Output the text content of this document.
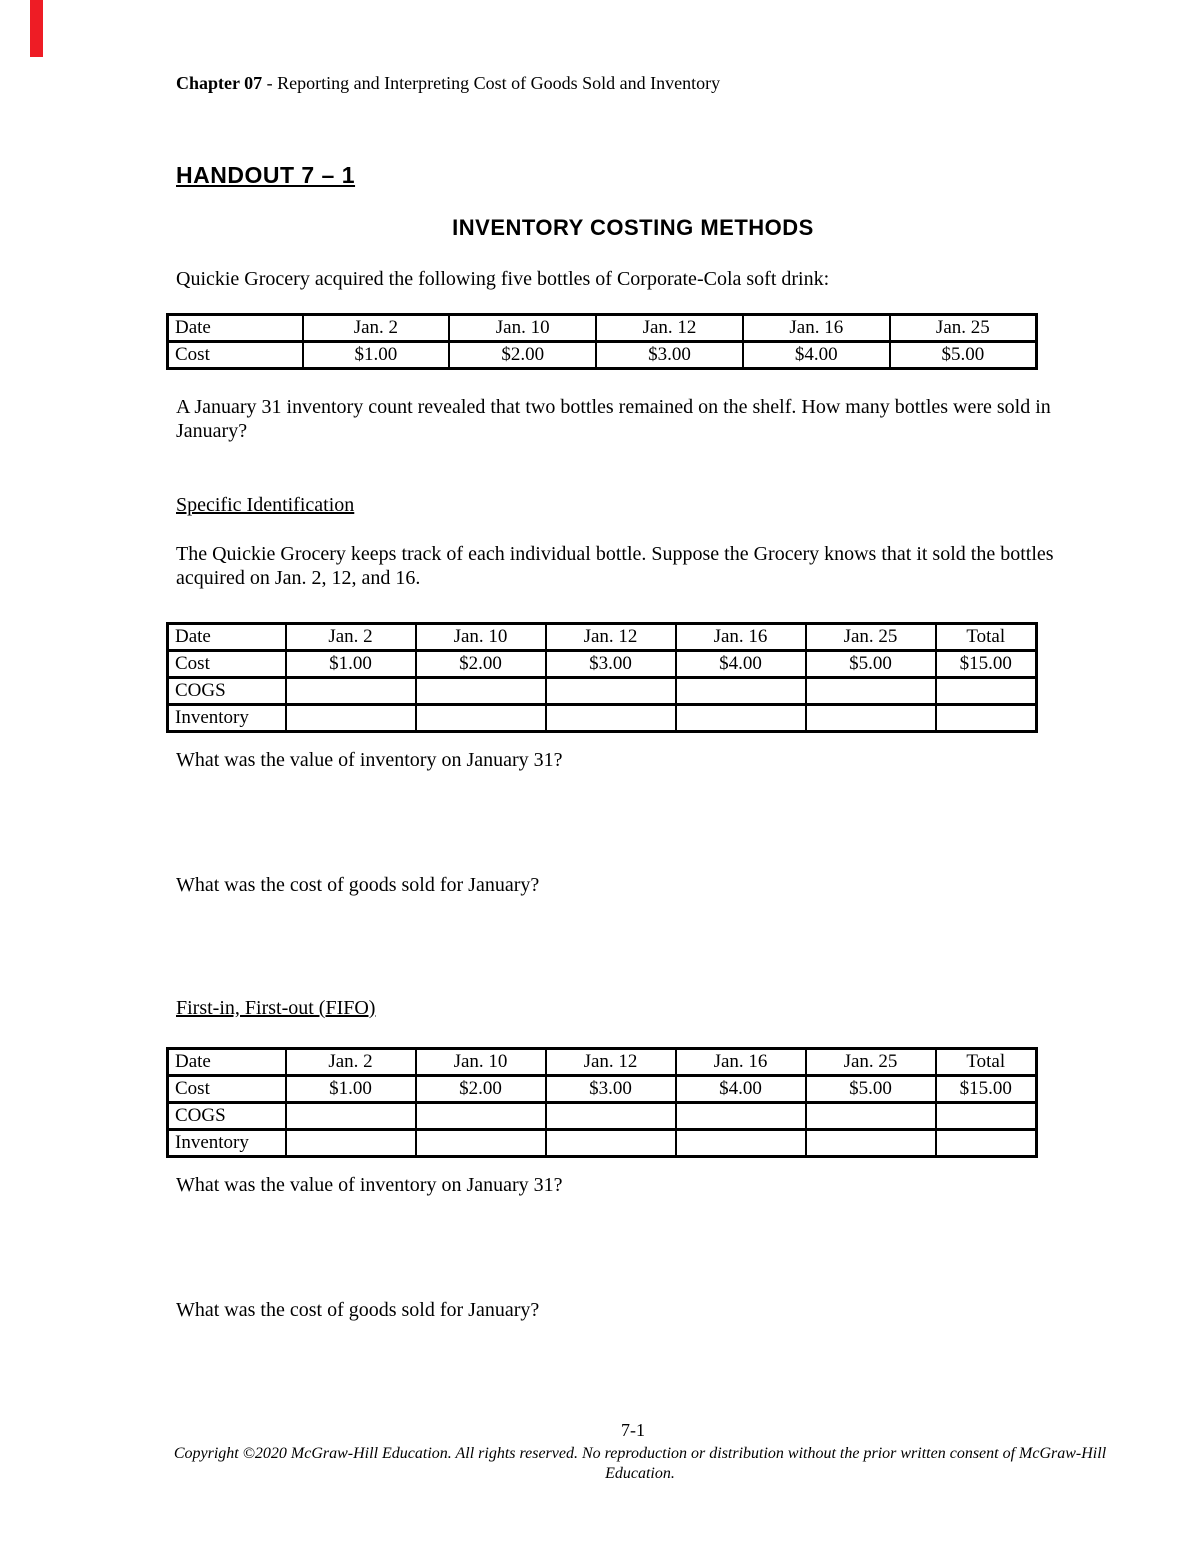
Chapter 07 - Reporting and Interpreting Cost of Goods Sold and Inventory

HANDOUT 7 – 1
INVENTORY COSTING METHODS

Quickie Grocery acquired the following five bottles of Corporate-Cola soft drink:

Date	Jan. 2	Jan. 10	Jan. 12	Jan. 16	Jan. 25
Cost	$1.00	$2.00	$3.00	$4.00	$5.00

A January 31 inventory count revealed that two bottles remained on the shelf. How many bottles were sold in January?

Specific Identification

The Quickie Grocery keeps track of each individual bottle. Suppose the Grocery knows that it sold the bottles acquired on Jan. 2, 12, and 16.

Date	Jan. 2	Jan. 10	Jan. 12	Jan. 16	Jan. 25	Total
Cost	$1.00	$2.00	$3.00	$4.00	$5.00	$15.00
COGS						
Inventory						

What was the value of inventory on January 31?

What was the cost of goods sold for January?

First-in, First-out (FIFO)
Date	Jan. 2	Jan. 10	Jan. 12	Jan. 16	Jan. 25	Total
Cost	$1.00	$2.00	$3.00	$4.00	$5.00	$15.00
COGS						
Inventory						

What was the value of inventory on January 31?

What was the cost of goods sold for January?

7-1

Copyright ©2020 McGraw-Hill Education. All rights reserved. No reproduction or distribution without the prior written consent of McGraw-Hill Education.
